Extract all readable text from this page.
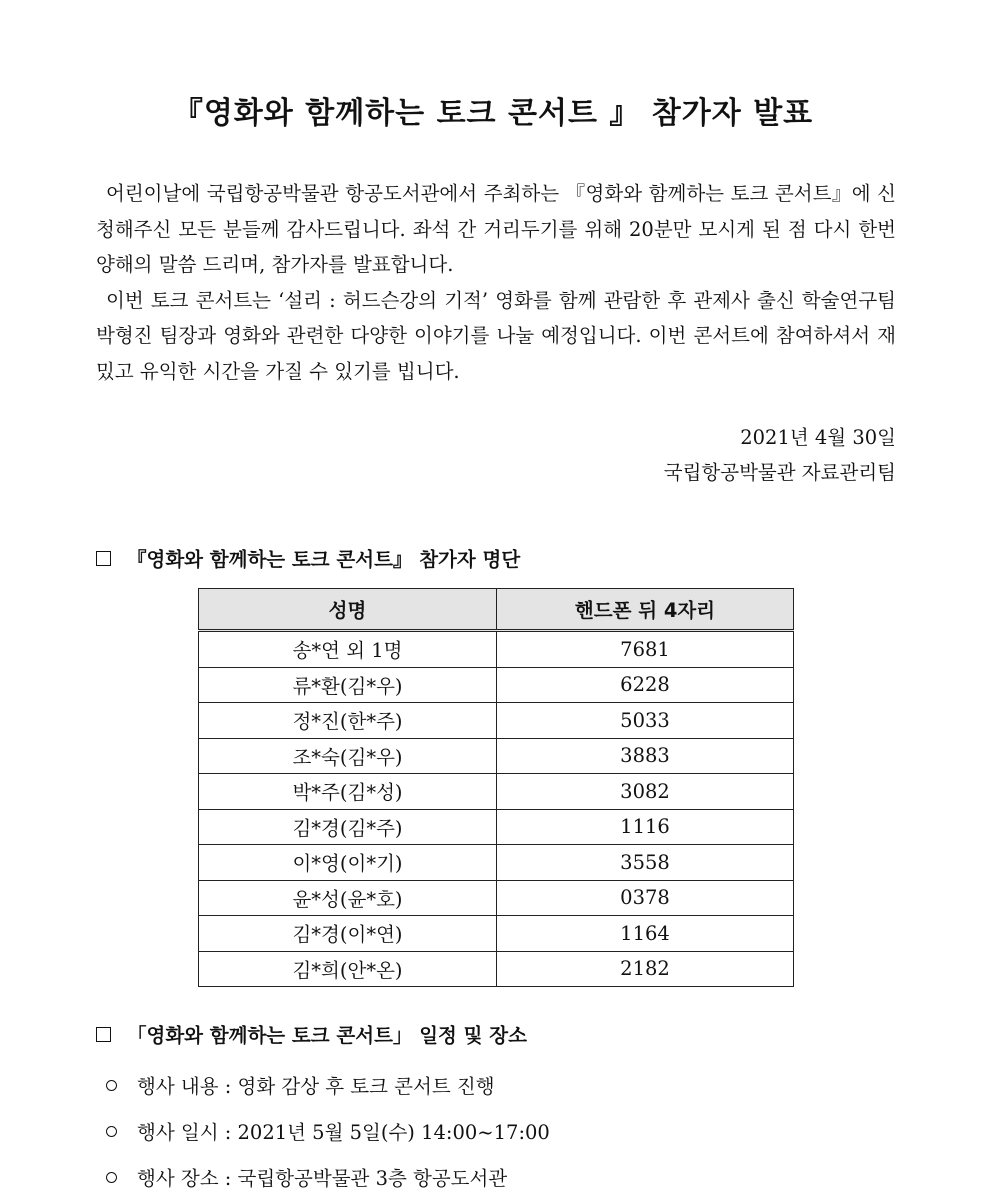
『영화와 함께하는 토크 콘서트 』 참가자 발표

어린이날에 국립항공박물관 항공도서관에서 주최하는 『영화와 함께하는 토크 콘서트』에 신청해주신 모든 분들께 감사드립니다. 좌석 간 거리두기를 위해 20분만 모시게 된 점 다시 한번 양해의 말씀 드리며, 참가자를 발표합니다.

이번 토크 콘서트는 ‘설리 : 허드슨강의 기적’ 영화를 함께 관람한 후 관제사 출신 학술연구팀 박형진 팀장과 영화와 관련한 다양한 이야기를 나눌 예정입니다. 이번 콘서트에 참여하셔서 재밌고 유익한 시간을 가질 수 있기를 빕니다.

2021년 4월 30일
국립항공박물관 자료관리팀
『영화와 함께하는 토크 콘서트』 참가자 명단
성명	핸드폰 뒤 4자리
송*연 외 1명	7681
류*환(김*우)	6228
정*진(한*주)	5033
조*숙(김*우)	3883
박*주(김*성)	3082
김*경(김*주)	1116
이*영(이*기)	3558
윤*성(윤*호)	0378
김*경(이*연)	1164
김*희(안*온)	2182
「영화와 함께하는 토크 콘서트」 일정 및 장소
행사 내용 : 영화 감상 후 토크 콘서트 진행
행사 일시 : 2021년 5월 5일(수) 14:00~17:00
행사 장소 : 국립항공박물관 3층 항공도서관
